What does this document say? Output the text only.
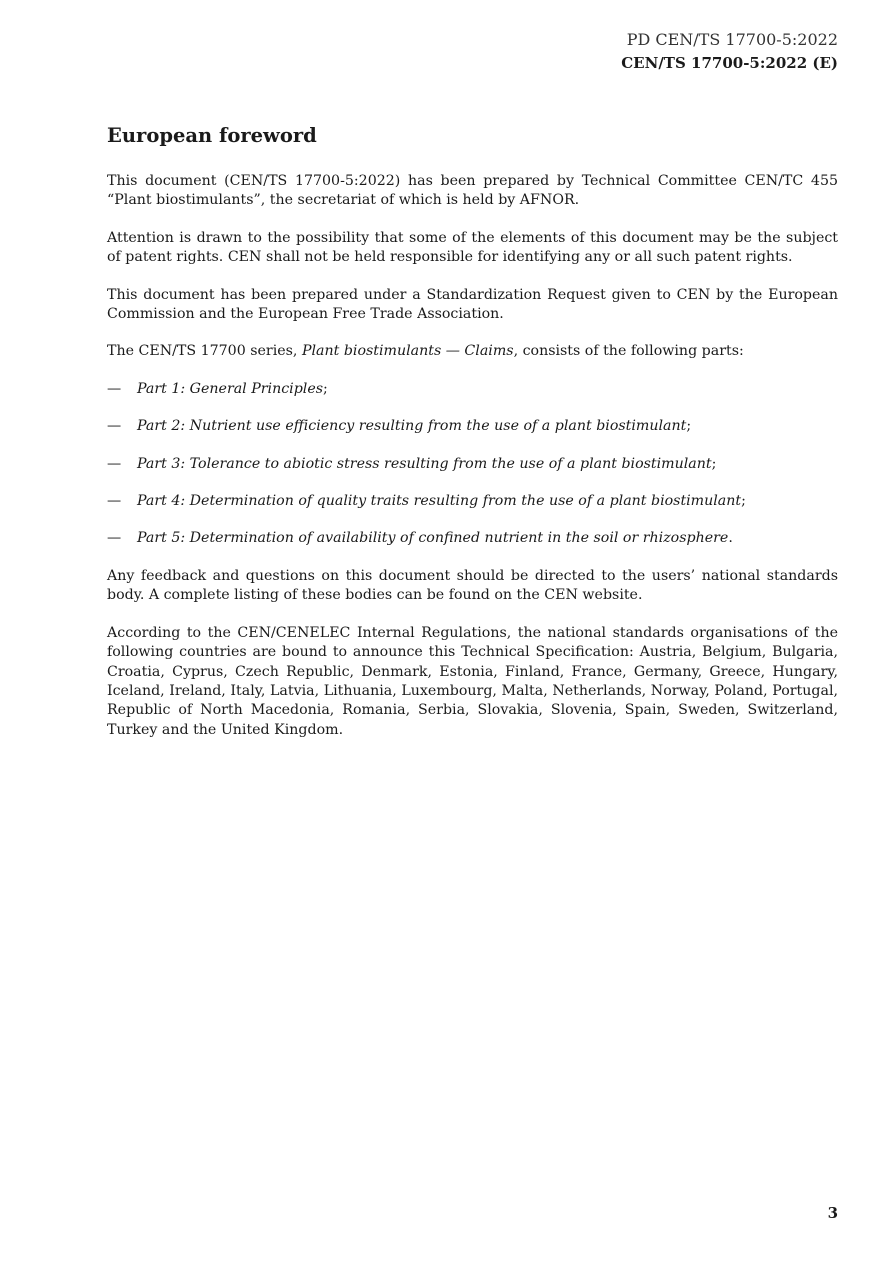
PD CEN/TS 17700-5:2022
CEN/TS 17700-5:2022 (E)
European foreword

This document (CEN/TS 17700-5:2022) has been prepared by Technical Committee CEN/TC 455 “Plant biostimulants”, the secretariat of which is held by AFNOR.

Attention is drawn to the possibility that some of the elements of this document may be the subject of patent rights. CEN shall not be held responsible for identifying any or all such patent rights.

This document has been prepared under a Standardization Request given to CEN by the European Commission and the European Free Trade Association.

The CEN/TS 17700 series, Plant biostimulants — Claims, consists of the following parts:

— Part 1: General Principles;
— Part 2: Nutrient use efficiency resulting from the use of a plant biostimulant;
— Part 3: Tolerance to abiotic stress resulting from the use of a plant biostimulant;
— Part 4: Determination of quality traits resulting from the use of a plant biostimulant;
— Part 5: Determination of availability of confined nutrient in the soil or rhizosphere.

Any feedback and questions on this document should be directed to the users’ national standards body. A complete listing of these bodies can be found on the CEN website.

According to the CEN/CENELEC Internal Regulations, the national standards organisations of the following countries are bound to announce this Technical Specification: Austria, Belgium, Bulgaria, Croatia, Cyprus, Czech Republic, Denmark, Estonia, Finland, France, Germany, Greece, Hungary, Iceland, Ireland, Italy, Latvia, Lithuania, Luxembourg, Malta, Netherlands, Norway, Poland, Portugal, Republic of North Macedonia, Romania, Serbia, Slovakia, Slovenia, Spain, Sweden, Switzerland, Turkey and the United Kingdom.

3
